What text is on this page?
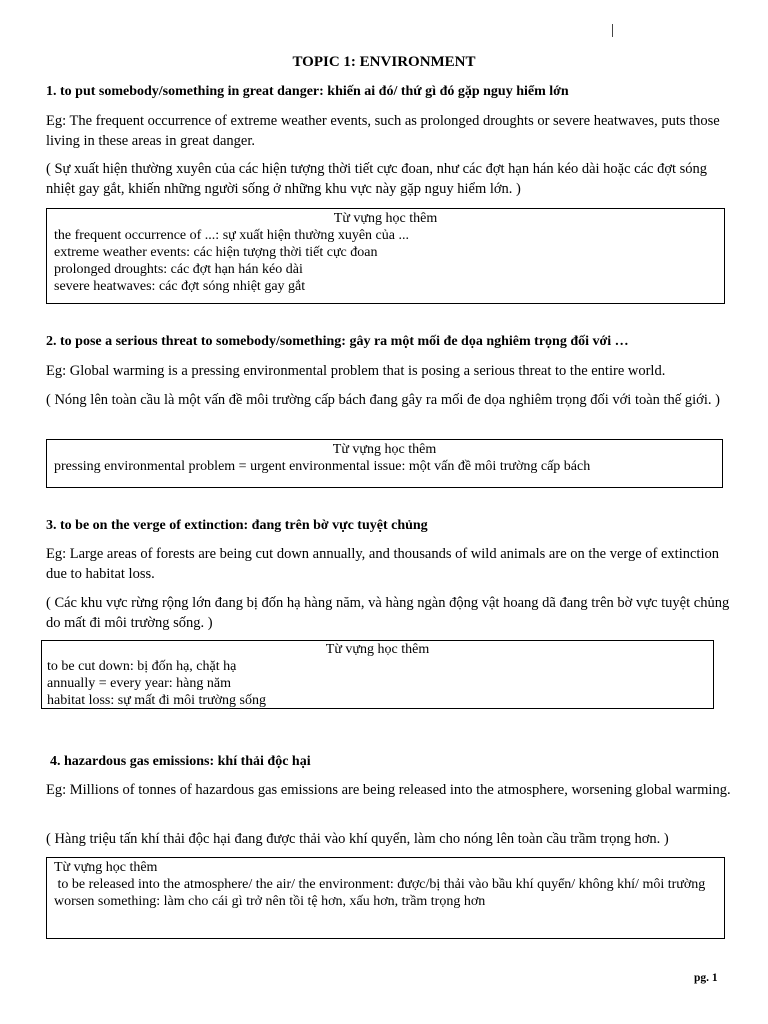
|
TOPIC 1: ENVIRONMENT
1. to put somebody/something in great danger: khiến ai đó/ thứ gì đó gặp nguy hiểm lớn
Eg: The frequent occurrence of extreme weather events, such as prolonged droughts or severe heatwaves, puts those living in these areas in great danger.
( Sự xuất hiện thường xuyên của các hiện tượng thời tiết cực đoan, như các đợt hạn hán kéo dài hoặc các đợt sóng nhiệt gay gắt, khiến những người sống ở những khu vực này gặp nguy hiểm lớn. )
Từ vựng học thêm
the frequent occurrence of ...: sự xuất hiện thường xuyên của ...
extreme weather events: các hiện tượng thời tiết cực đoan
prolonged droughts: các đợt hạn hán kéo dài
severe heatwaves: các đợt sóng nhiệt gay gắt
2. to pose a serious threat to somebody/something: gây ra một mối đe dọa nghiêm trọng đối với …
Eg: Global warming is a pressing environmental problem that is posing a serious threat to the entire world.
( Nóng lên toàn cầu là một vấn đề môi trường cấp bách đang gây ra mối đe dọa nghiêm trọng đối với toàn thế giới. )
Từ vựng học thêm
pressing environmental problem = urgent environmental issue: một vấn đề môi trường cấp bách
3. to be on the verge of extinction: đang trên bờ vực tuyệt chủng
Eg: Large areas of forests are being cut down annually, and thousands of wild animals are on the verge of extinction due to habitat loss.
( Các khu vực rừng rộng lớn đang bị đốn hạ hàng năm, và hàng ngàn động vật hoang dã đang trên bờ vực tuyệt chủng do mất đi môi trường sống. )
Từ vựng học thêm
to be cut down: bị đốn hạ, chặt hạ
annually = every year: hàng năm
habitat loss: sự mất đi môi trường sống
4. hazardous gas emissions: khí thải độc hại
Eg: Millions of tonnes of hazardous gas emissions are being released into the atmosphere, worsening global warming.
( Hàng triệu tấn khí thải độc hại đang được thải vào khí quyển, làm cho nóng lên toàn cầu trầm trọng hơn. )
Từ vựng học thêm
to be released into the atmosphere/ the air/ the environment: được/bị thải vào bầu khí quyển/ không khí/ môi trường
worsen something: làm cho cái gì trở nên tồi tệ hơn, xấu hơn, trầm trọng hơn
pg. 1
